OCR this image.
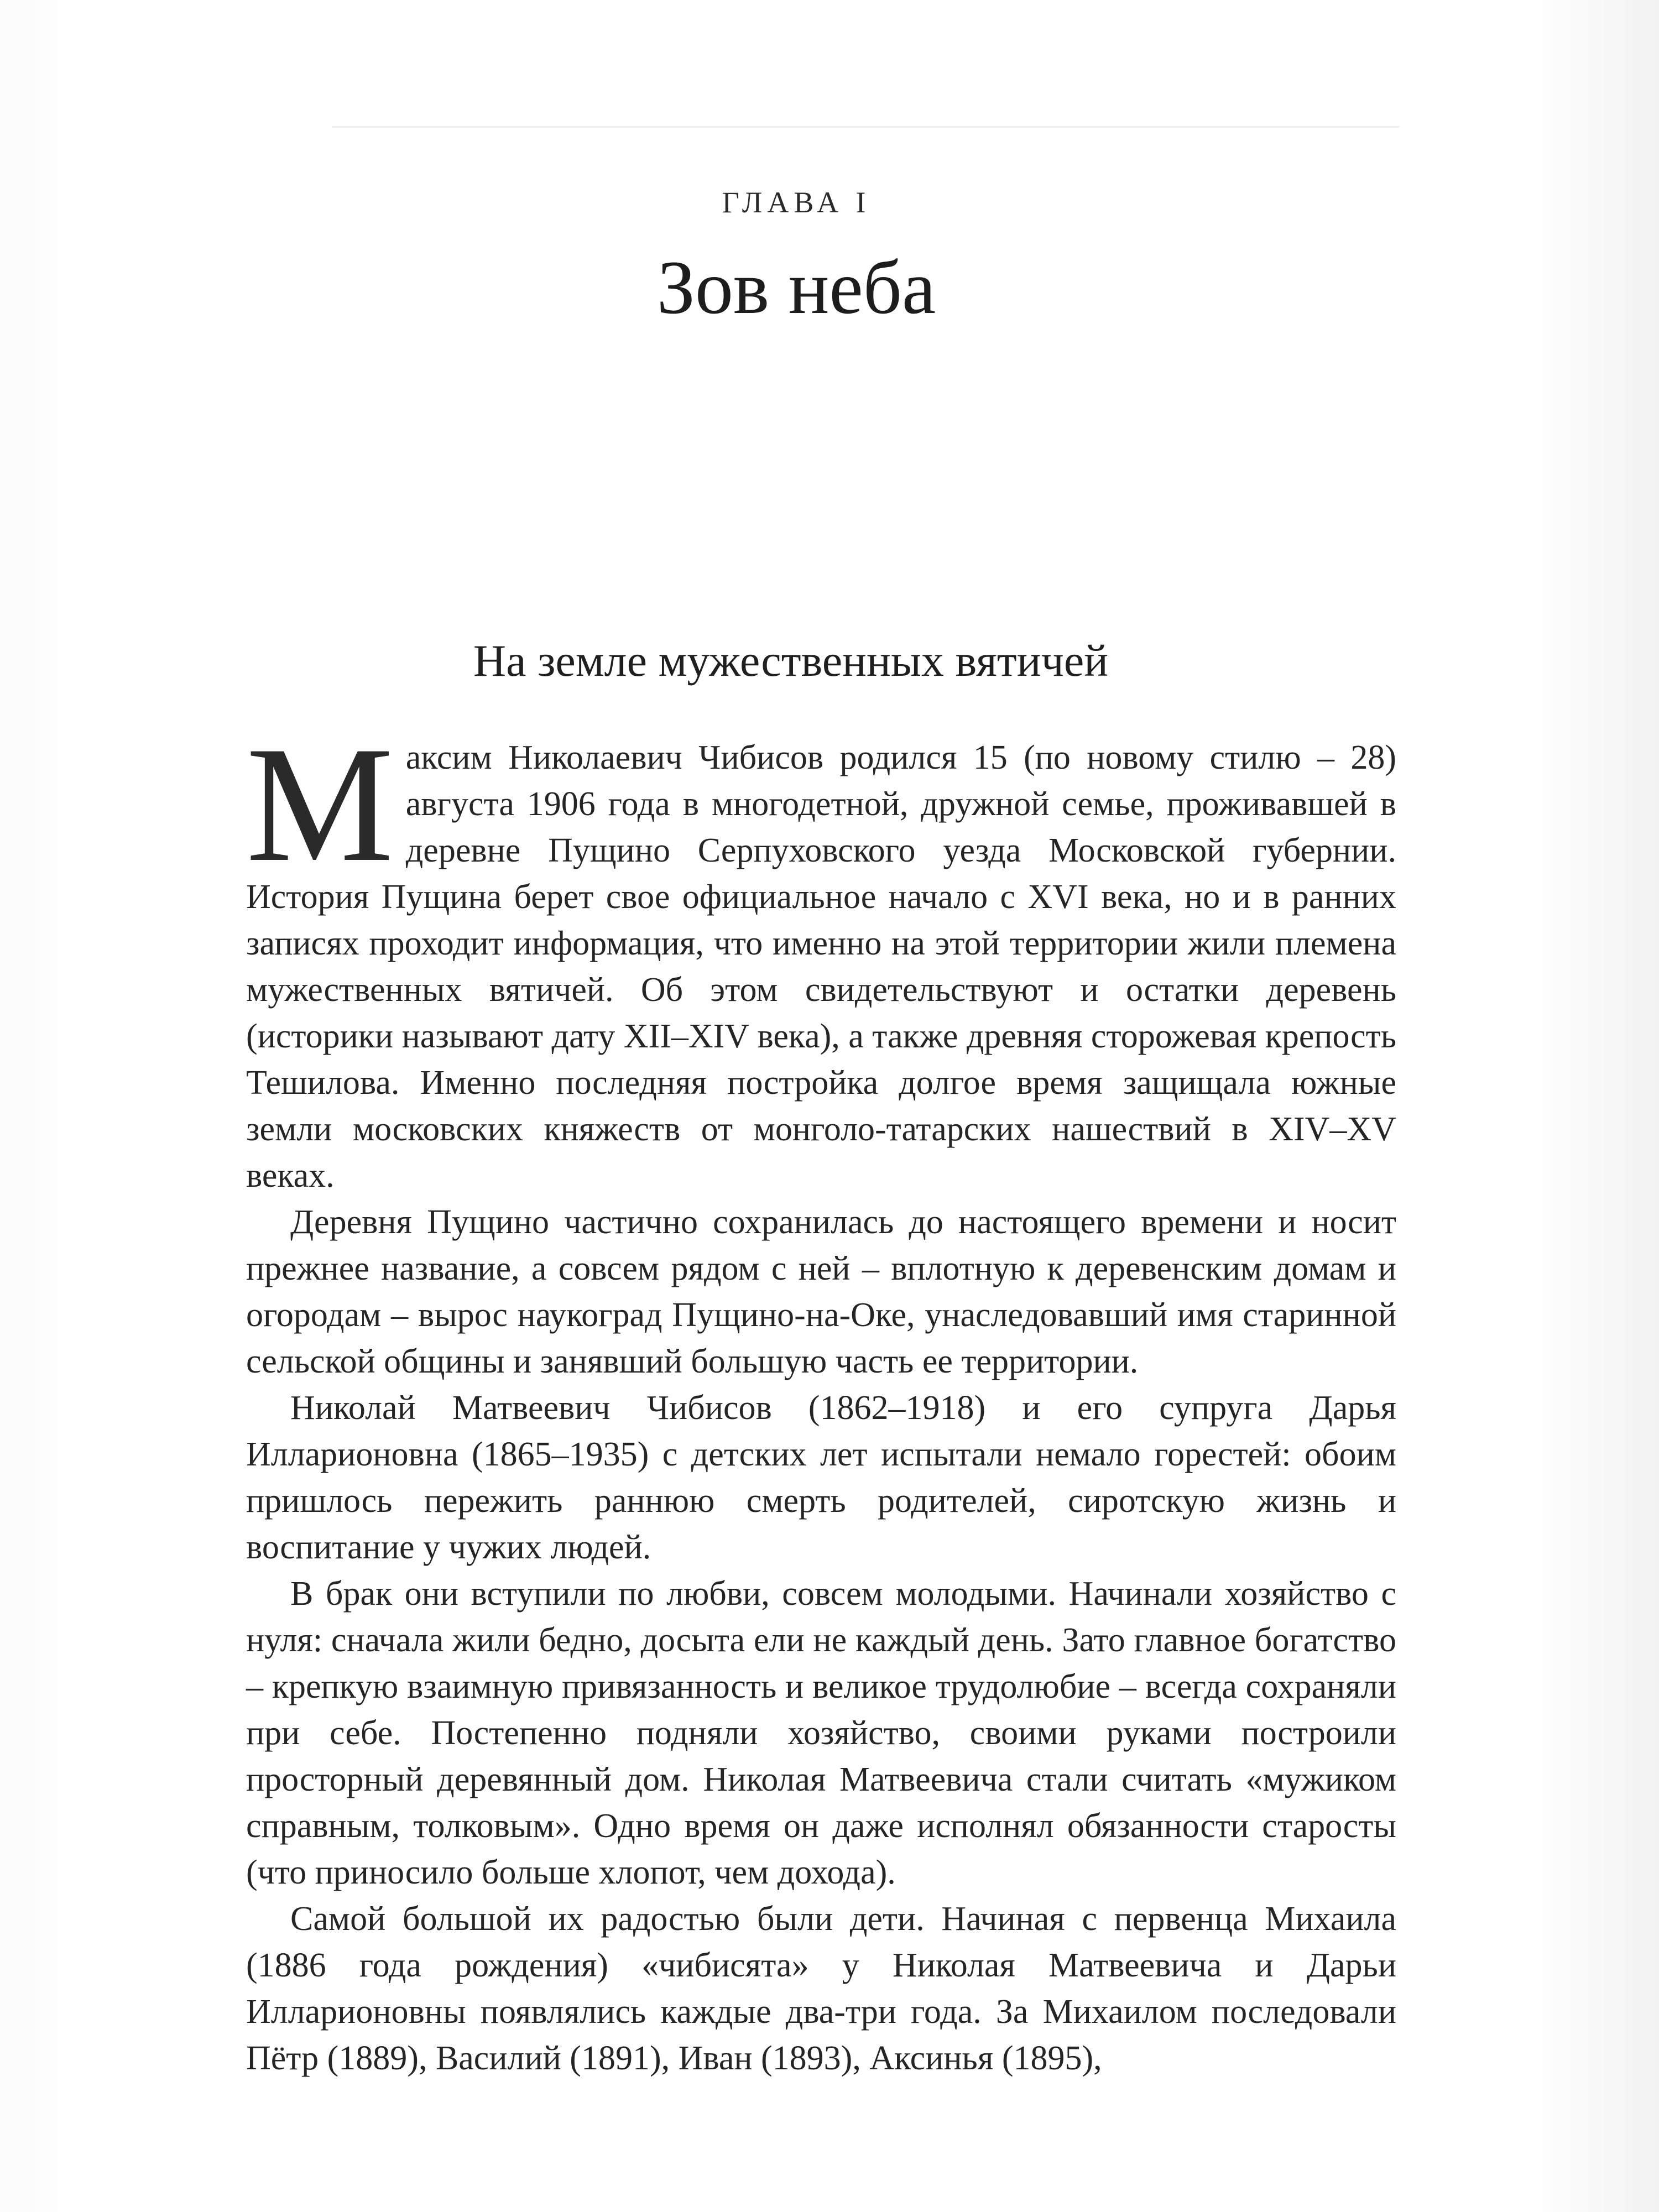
ГЛАВА I
Зов неба
На земле мужественных вятичей

Максим Николаевич Чибисов родился 15 (по новому стилю – 28) августа 1906 года в многодетной, дружной семье, проживавшей в деревне Пущино Серпуховского уезда Московской губернии. История Пущина берет свое официальное начало с XVI века, но и в ранних записях проходит информация, что именно на этой территории жили племена мужественных вятичей. Об этом свидетельствуют и остатки деревень (историки называют дату XII–XIV века), а также древняя сторожевая крепость Тешилова. Именно последняя постройка долгое время защищала южные земли московских княжеств от монголо-татарских нашествий в XIV–XV веках.

Деревня Пущино частично сохранилась до настоящего времени и носит прежнее название, а совсем рядом с ней – вплотную к деревенским домам и огородам – вырос наукоград Пущино-на-Оке, унаследовавший имя старинной сельской общины и занявший большую часть ее территории.

Николай Матвеевич Чибисов (1862–1918) и его супруга Дарья Илларионовна (1865–1935) с детских лет испытали немало горестей: обоим пришлось пережить раннюю смерть родителей, сиротскую жизнь и воспитание у чужих людей.

В брак они вступили по любви, совсем молодыми. Начинали хозяйство с нуля: сначала жили бедно, досыта ели не каждый день. Зато главное богатство – крепкую взаимную привязанность и великое трудолюбие – всегда сохраняли при себе. Постепенно подняли хозяйство, своими руками построили просторный деревянный дом. Николая Матвеевича стали считать «мужиком справным, толковым». Одно время он даже исполнял обязанности старосты (что приносило больше хлопот, чем дохода).

Самой большой их радостью были дети. Начиная с первенца Михаила (1886 года рождения) «чибисята» у Николая Матвеевича и Дарьи Илларионовны появлялись каждые два-три года. За Михаилом последовали Пётр (1889), Василий (1891), Иван (1893), Аксинья (1895),
